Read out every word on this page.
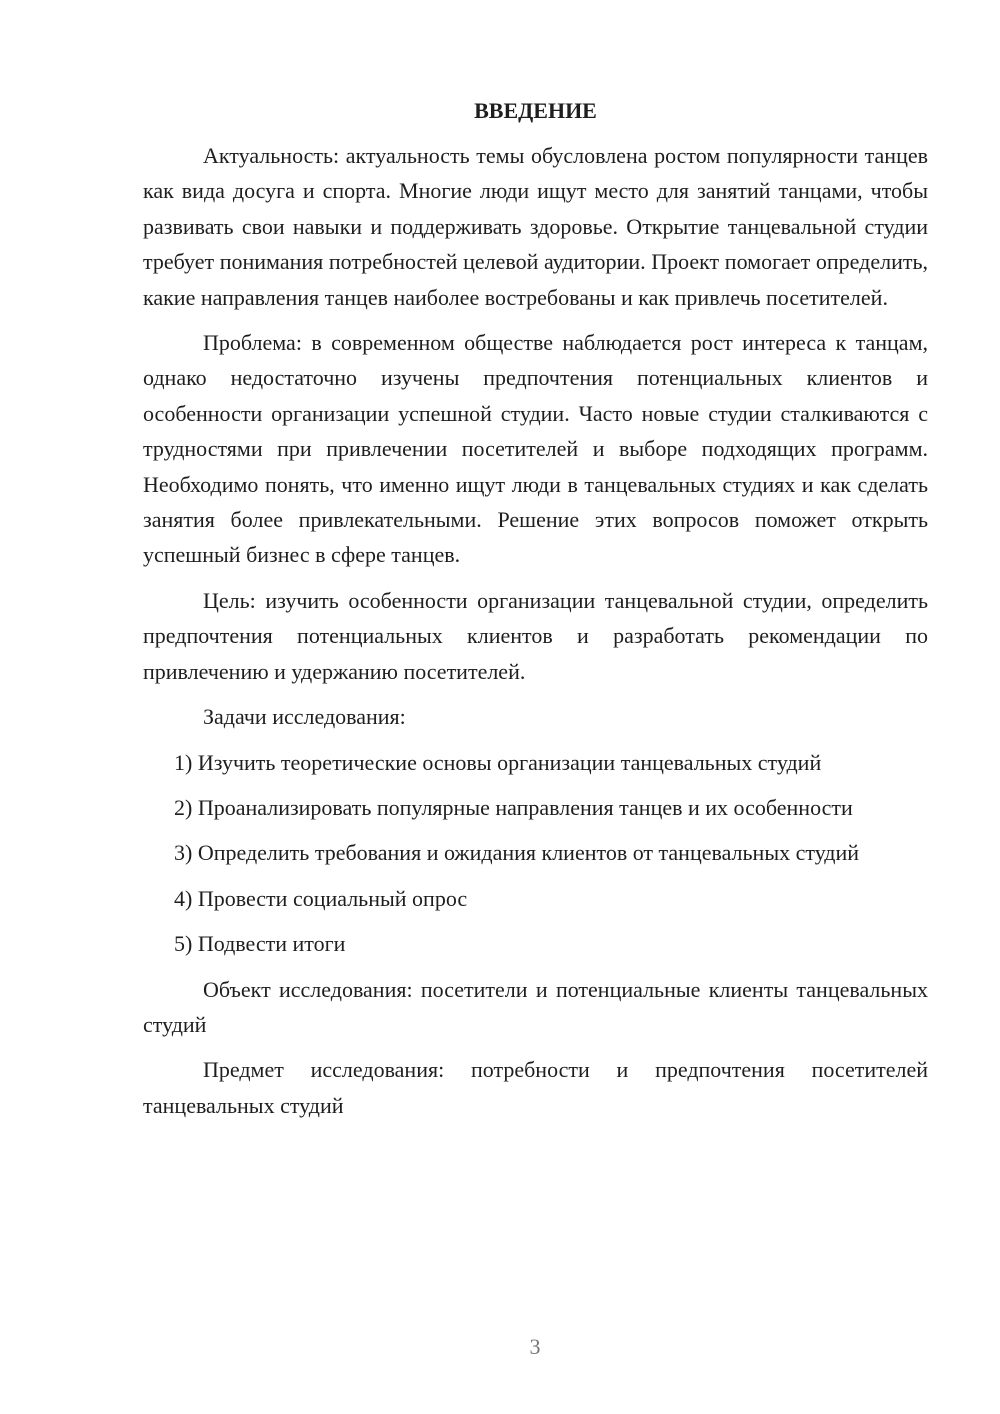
ВВЕДЕНИЕ

Актуальность: актуальность темы обусловлена ростом популярности танцев как вида досуга и спорта. Многие люди ищут место для занятий танцами, чтобы развивать свои навыки и поддерживать здоровье. Открытие танцевальной студии требует понимания потребностей целевой аудитории. Проект помогает определить, какие направления танцев наиболее востребованы и как привлечь посетителей.

Проблема: в современном обществе наблюдается рост интереса к танцам, однако недостаточно изучены предпочтения потенциальных клиентов и особенности организации успешной студии. Часто новые студии сталкиваются с трудностями при привлечении посетителей и выборе подходящих программ. Необходимо понять, что именно ищут люди в танцевальных студиях и как сделать занятия более привлекательными. Решение этих вопросов поможет открыть успешный бизнес в сфере танцев.

Цель: изучить особенности организации танцевальной студии, определить предпочтения потенциальных клиентов и разработать рекомендации по привлечению и удержанию посетителей.

Задачи исследования:

1) Изучить теоретические основы организации танцевальных студий

2) Проанализировать популярные направления танцев и их особенности

3) Определить требования и ожидания клиентов от танцевальных студий

4) Провести социальный опрос

5) Подвести итоги

Объект исследования: посетители и потенциальные клиенты танцевальных студий

Предмет исследования: потребности и предпочтения посетителей танцевальных студий

3
